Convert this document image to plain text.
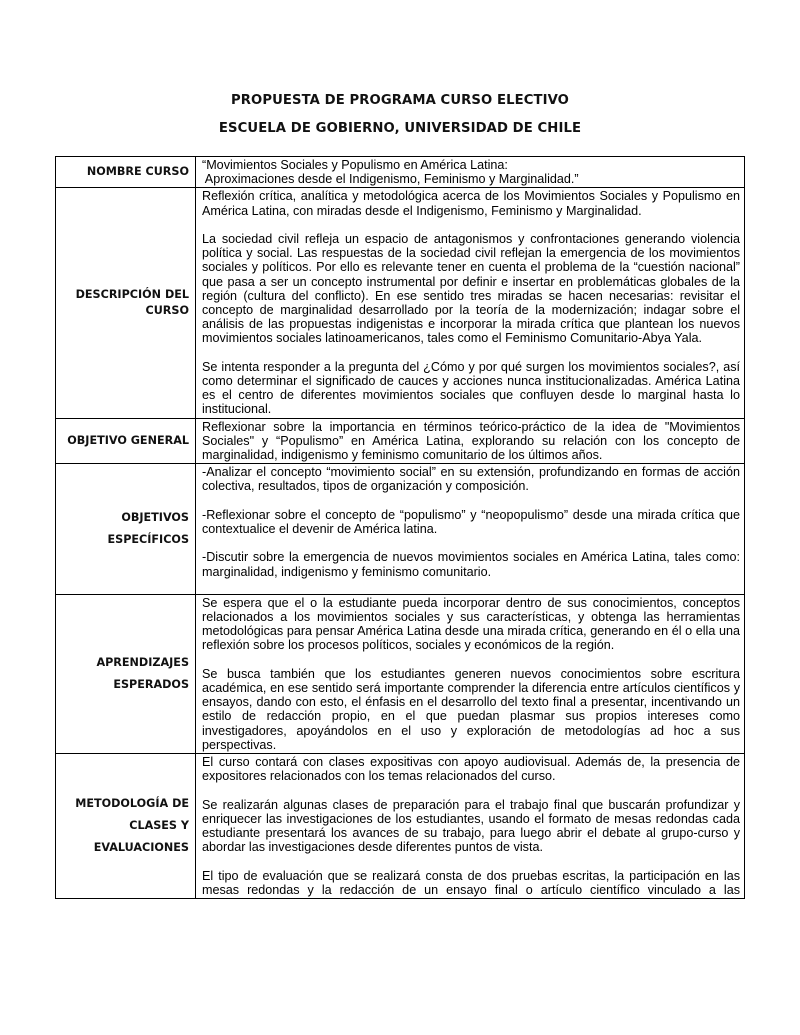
PROPUESTA DE PROGRAMA CURSO ELECTIVO
ESCUELA DE GOBIERNO, UNIVERSIDAD DE CHILE
NOMBRE CURSO	“Movimientos Sociales y Populismo en América Latina:
Aproximaciones desde el Indigenismo, Feminismo y Marginalidad.”

DESCRIPCIÓN DEL CURSO	Reflexión crítica, analítica y metodológica acerca de los Movimientos Sociales y Populismo en América Latina, con miradas desde el Indigenismo, Feminismo y Marginalidad.

La sociedad civil refleja un espacio de antagonismos y confrontaciones generando violencia política y social. Las respuestas de la sociedad civil reflejan la emergencia de los movimientos sociales y políticos. Por ello es relevante tener en cuenta el problema de la “cuestión nacional” que pasa a ser un concepto instrumental por definir e insertar en problemáticas globales de la región (cultura del conflicto). En ese sentido tres miradas se hacen necesarias: revisitar el concepto de marginalidad desarrollado por la teoría de la modernización; indagar sobre el análisis de las propuestas indigenistas e incorporar la mirada crítica que plantean los nuevos movimientos sociales latinoamericanos, tales como el Feminismo Comunitario-Abya Yala.

Se intenta responder a la pregunta del ¿Cómo y por qué surgen los movimientos sociales?, así como determinar el significado de cauces y acciones nunca institucionalizadas. América Latina es el centro de diferentes movimientos sociales que confluyen desde lo marginal hasta lo institucional.

OBJETIVO GENERAL	Reflexionar sobre la importancia en términos teórico-práctico de la idea de "Movimientos Sociales" y “Populismo” en América Latina, explorando su relación con los concepto de marginalidad, indigenismo y feminismo comunitario de los últimos años.

OBJETIVOS ESPECÍFICOS	-Analizar el concepto “movimiento social” en su extensión, profundizando en formas de acción colectiva, resultados, tipos de organización y composición.

-Reflexionar sobre el concepto de “populismo” y “neopopulismo” desde una mirada crítica que contextualice el devenir de América latina.

-Discutir sobre la emergencia de nuevos movimientos sociales en América Latina, tales como: marginalidad, indigenismo y feminismo comunitario.

APRENDIZAJES ESPERADOS	Se espera que el o la estudiante pueda incorporar dentro de sus conocimientos, conceptos relacionados a los movimientos sociales y sus características, y obtenga las herramientas metodológicas para pensar América Latina desde una mirada crítica, generando en él o ella una reflexión sobre los procesos políticos, sociales y económicos de la región.

Se busca también que los estudiantes generen nuevos conocimientos sobre escritura académica, en ese sentido será importante comprender la diferencia entre artículos científicos y ensayos, dando con esto, el énfasis en el desarrollo del texto final a presentar, incentivando un estilo de redacción propio, en el que puedan plasmar sus propios intereses como investigadores, apoyándolos en el uso y exploración de metodologías ad hoc a sus perspectivas.

METODOLOGÍA DE CLASES Y EVALUACIONES	El curso contará con clases expositivas con apoyo audiovisual. Además de, la presencia de expositores relacionados con los temas relacionados del curso.

Se realizarán algunas clases de preparación para el trabajo final que buscarán profundizar y enriquecer las investigaciones de los estudiantes, usando el formato de mesas redondas cada estudiante presentará los avances de su trabajo, para luego abrir el debate al grupo-curso y abordar las investigaciones desde diferentes puntos de vista.

El tipo de evaluación que se realizará consta de dos pruebas escritas, la participación en las mesas redondas y la redacción de un ensayo final o artículo científico vinculado a las
